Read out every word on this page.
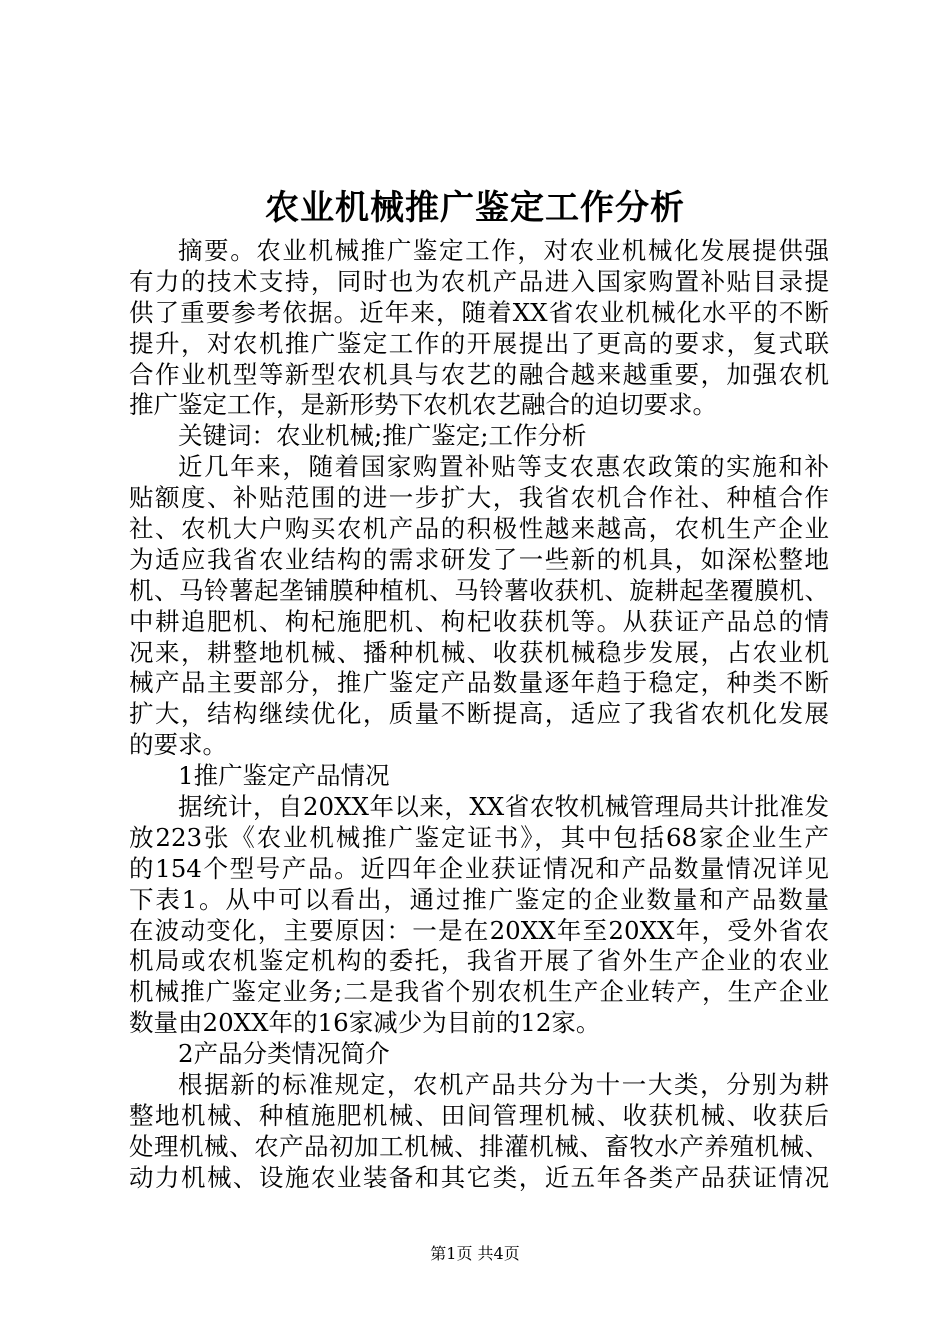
农业机械推广鉴定工作分析
摘要。农业机械推广鉴定工作，对农业机械化发展提供强
有力的技术支持，同时也为农机产品进入国家购置补贴目录提
供了重要参考依据。近年来，随着XX省农业机械化水平的不断
提升，对农机推广鉴定工作的开展提出了更高的要求，复式联
合作业机型等新型农机具与农艺的融合越来越重要，加强农机
推广鉴定工作，是新形势下农机农艺融合的迫切要求。
关键词：农业机械;推广鉴定;工作分析
近几年来，随着国家购置补贴等支农惠农政策的实施和补
贴额度、补贴范围的进一步扩大，我省农机合作社、种植合作
社、农机大户购买农机产品的积极性越来越高，农机生产企业
为适应我省农业结构的需求研发了一些新的机具，如深松整地
机、马铃薯起垄铺膜种植机、马铃薯收获机、旋耕起垄覆膜机、
中耕追肥机、枸杞施肥机、枸杞收获机等。从获证产品总的情
况来，耕整地机械、播种机械、收获机械稳步发展，占农业机
械产品主要部分，推广鉴定产品数量逐年趋于稳定，种类不断
扩大，结构继续优化，质量不断提高，适应了我省农机化发展
的要求。
1推广鉴定产品情况
据统计，自20XX年以来，XX省农牧机械管理局共计批准发
放223张《农业机械推广鉴定证书》，其中包括68家企业生产
的154个型号产品。近四年企业获证情况和产品数量情况详见
下表1。从中可以看出，通过推广鉴定的企业数量和产品数量
在波动变化，主要原因：一是在20XX年至20XX年，受外省农
机局或农机鉴定机构的委托，我省开展了省外生产企业的农业
机械推广鉴定业务;二是我省个别农机生产企业转产，生产企业
数量由20XX年的16家减少为目前的12家。
2产品分类情况简介
根据新的标准规定，农机产品共分为十一大类，分别为耕
整地机械、种植施肥机械、田间管理机械、收获机械、收获后
处理机械、农产品初加工机械、排灌机械、畜牧水产养殖机械、
动力机械、设施农业装备和其它类，近五年各类产品获证情况
第1页 共4页
